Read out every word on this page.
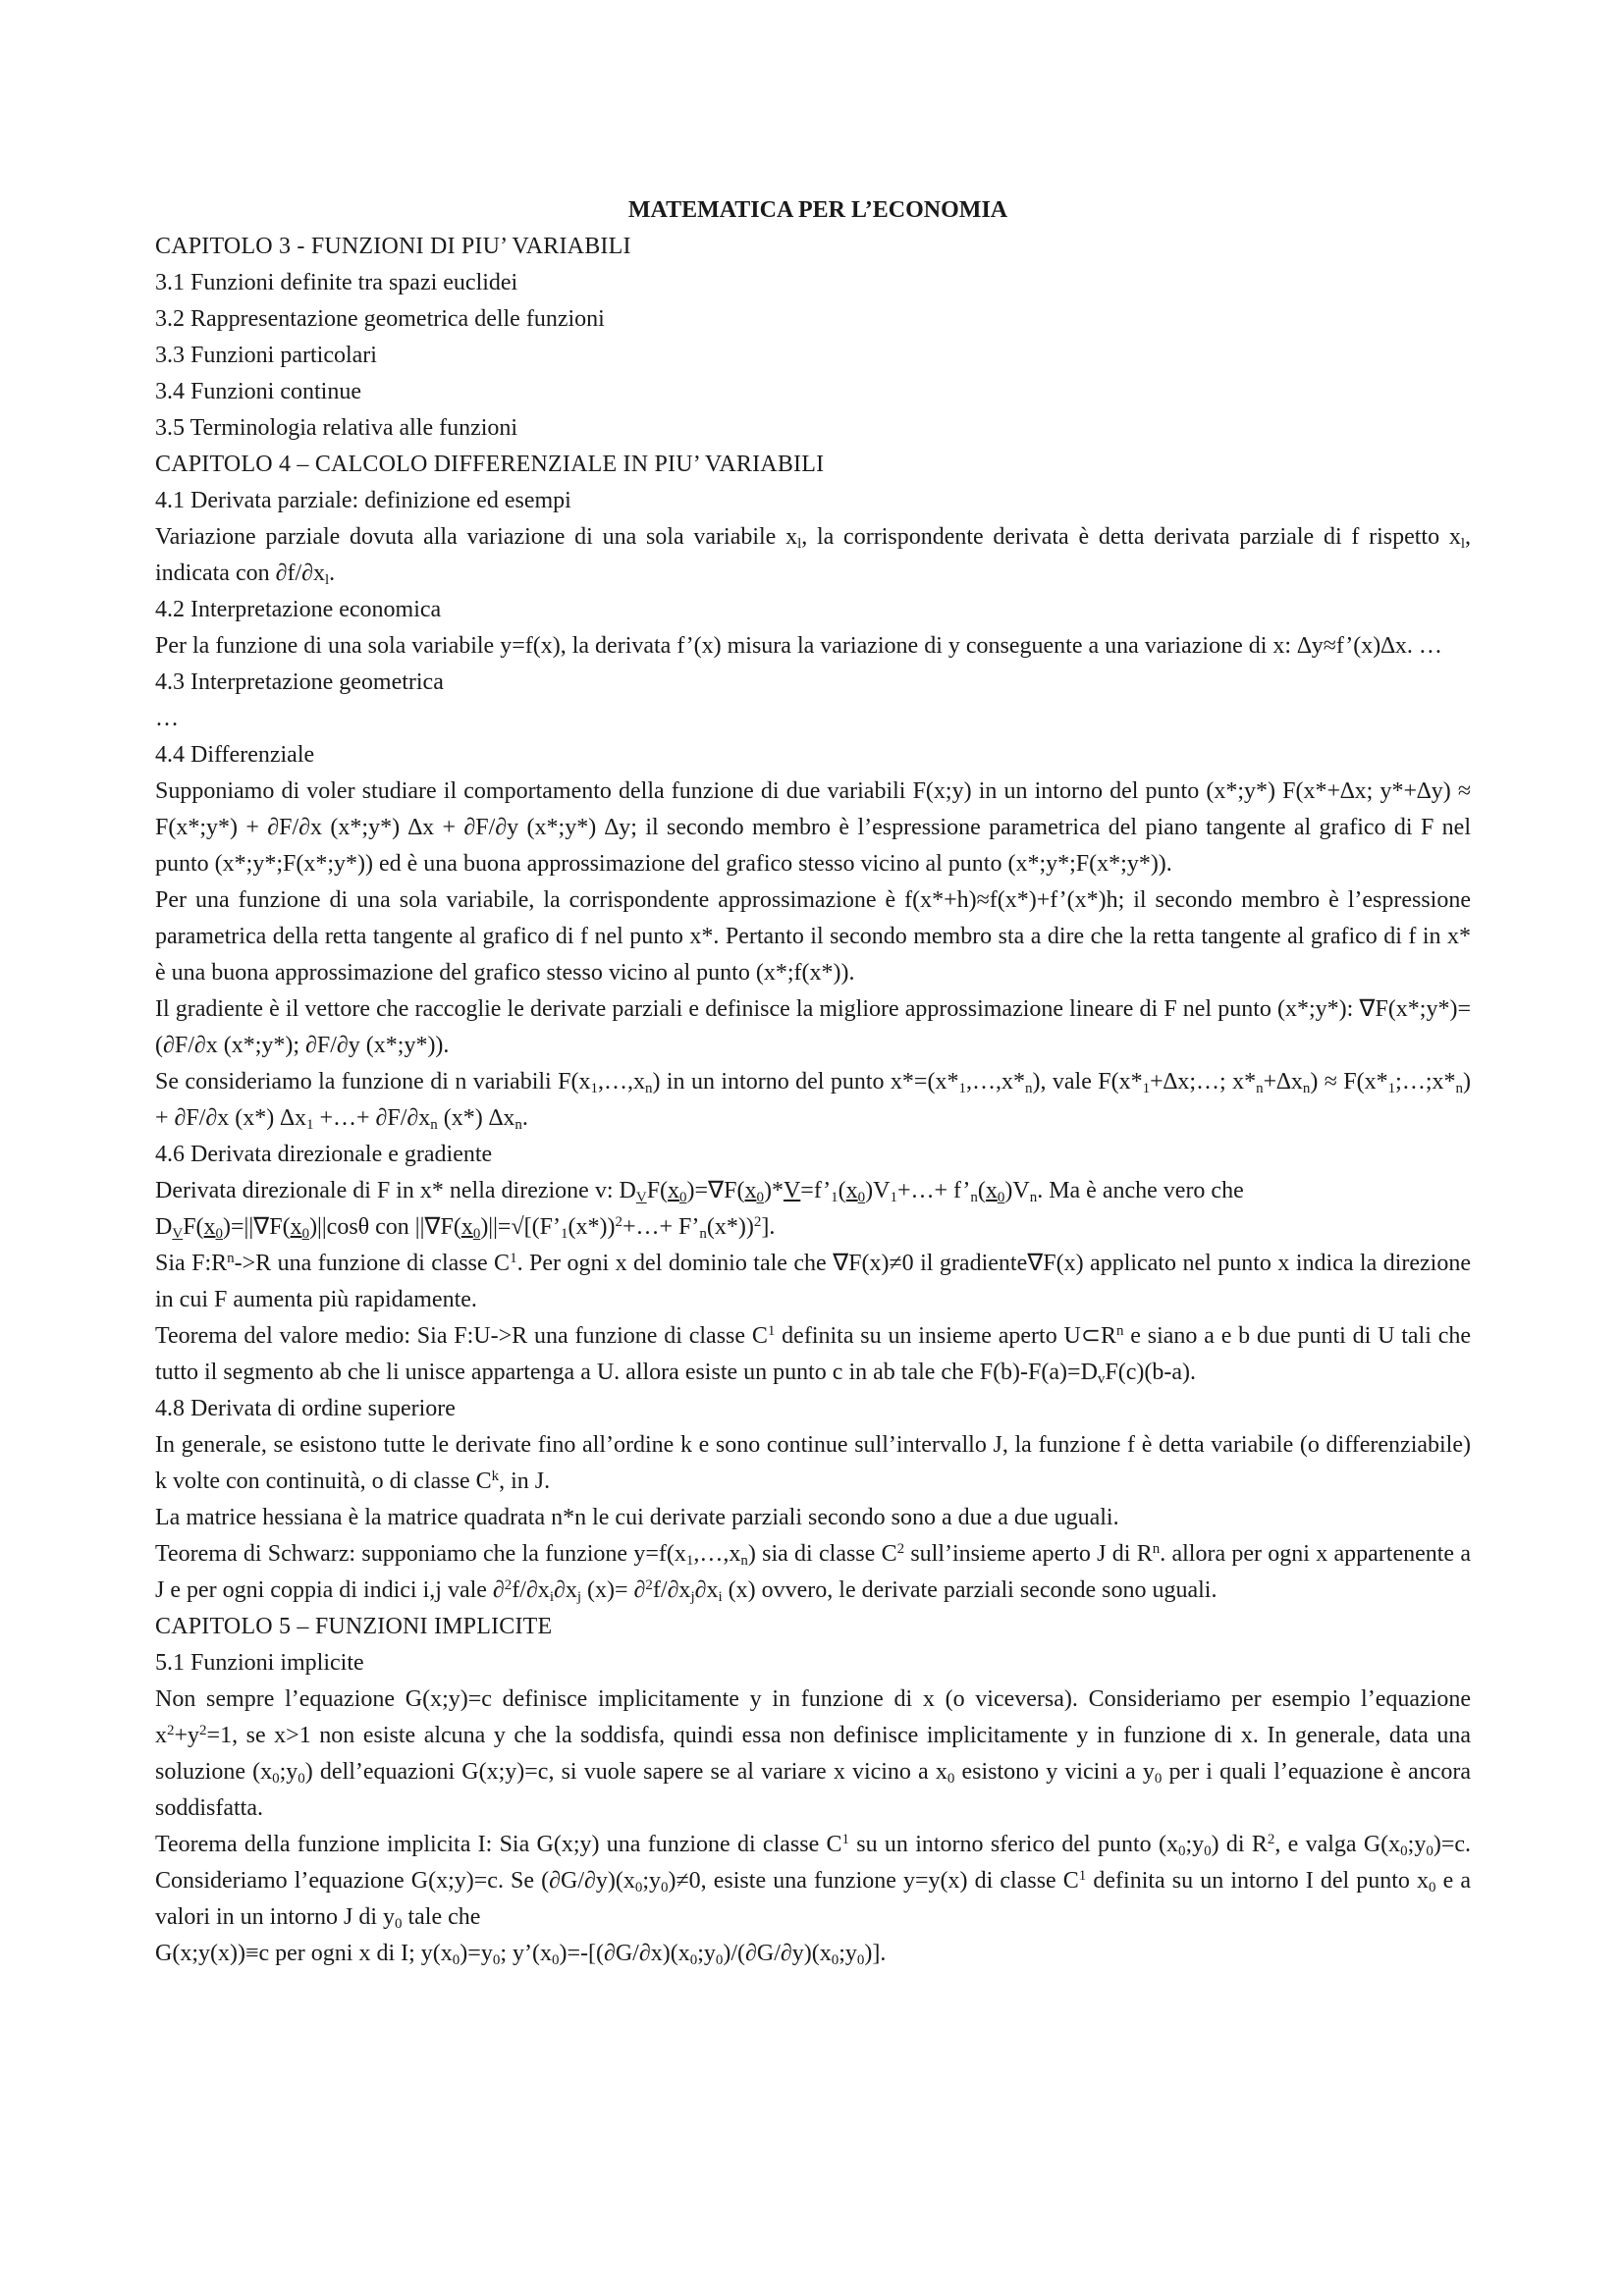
MATEMATICA PER L’ECONOMIA

CAPITOLO 3 - FUNZIONI DI PIU’ VARIABILI

3.1 Funzioni definite tra spazi euclidei

3.2 Rappresentazione geometrica delle funzioni

3.3 Funzioni particolari

3.4 Funzioni continue

3.5 Terminologia relativa alle funzioni

CAPITOLO 4 – CALCOLO DIFFERENZIALE IN PIU’ VARIABILI

4.1 Derivata parziale: definizione ed esempi

Variazione parziale dovuta alla variazione di una sola variabile $x_l$, la corrispondente derivata è detta derivata parziale di f rispetto $x_l$, indicata con $\partial f/\partial x_l$.

4.2 Interpretazione economica

Per la funzione di una sola variabile y=f(x), la derivata f’(x) misura la variazione di y conseguente a una variazione di x: ∆y≈f’(x)∆x. …

4.3 Interpretazione geometrica

…

4.4 Differenziale

Supponiamo di voler studiare il comportamento della funzione di due variabili F(x;y) in un intorno del punto (x*;y*) F(x*+∆x; y*+∆y) ≈ F(x*;y*) + ∂F/∂x (x*;y*) ∆x + ∂F/∂y (x*;y*) ∆y; il secondo membro è l’espressione parametrica del piano tangente al grafico di F nel punto (x*;y*;F(x*;y*)) ed è una buona approssimazione del grafico stesso vicino al punto (x*;y*;F(x*;y*)).

Per una funzione di una sola variabile, la corrispondente approssimazione è f(x*+h)≈f(x*)+f’(x*)h; il secondo membro è l’espressione parametrica della retta tangente al grafico di f nel punto x*. Pertanto il secondo membro sta a dire che la retta tangente al grafico di f in x* è una buona approssimazione del grafico stesso vicino al punto (x*;f(x*)).

Il gradiente è il vettore che raccoglie le derivate parziali e definisce la migliore approssimazione lineare di F nel punto (x*;y*): ∇F(x*;y*)=(∂F/∂x (x*;y*); ∂F/∂y (x*;y*)).

Se consideriamo la funzione di n variabili $F(x_1,\dots,x_n)$ in un intorno del punto $x*=(x*_1,\dots,x*_n)$, vale $F(x*_1+\Delta x;\dots$; $x*_n+\Delta x_n$) ≈ $F(x*_1;\dots;x*_n) + \partial F/\partial x$ (x*) $\Delta x_1$ +…+ $\partial F/\partial x_n$ (x*) $\Delta x_n$.

4.6 Derivata direzionale e gradiente

Derivata direzionale di F in x* nella direzione v: $D_VF(x_0)=\nabla F(x_0)*V=f’_1(x_0)V_1+\dots+$ $f’_n(x_0)V_n$. Ma è anche vero che

$D_VF(x_0)=||\nabla F(x_0)||\cos\theta$ con $||\nabla F(x_0)||=√[(F’_1(x*))^2+\dots+$ $F’_n(x*))^2$].

Sia $F:R^n->R$ una funzione di classe $C^1$. Per ogni x del dominio tale che ∇F(x)≠0 il gradiente∇F(x) applicato nel punto x indica la direzione in cui F aumenta più rapidamente.

Teorema del valore medio: Sia F:U->R una funzione di classe $C^1$ definita su un insieme aperto $U\subset R^n$ e siano a e b due punti di U tali che tutto il segmento ab che li unisce appartenga a U. allora esiste un punto c in ab tale che $F(b)-F(a)=D_vF(c)(b-a)$.

4.8 Derivata di ordine superiore

In generale, se esistono tutte le derivate fino all’ordine k e sono continue sull’intervallo J, la funzione f è detta variabile (o differenziabile) k volte con continuità, o di classe $C^k$, in J.

La matrice hessiana è la matrice quadrata n*n le cui derivate parziali secondo sono a due a due uguali.

Teorema di Schwarz: supponiamo che la funzione $y=f(x_1,\dots,x_n)$ sia di classe $C^2$ sull’insieme aperto J di $R^n$. allora per ogni x appartenente a J e per ogni coppia di indici i,j vale $\partial^2f/\partial x_i\partial x_j$ $(x)= \partial^2f/\partial x_j\partial x_i$ (x) ovvero, le derivate parziali seconde sono uguali.

CAPITOLO 5 – FUNZIONI IMPLICITE

5.1 Funzioni implicite

Non sempre l’equazione G(x;y)=c definisce implicitamente y in funzione di x (o viceversa). Consideriamo per esempio l’equazione $x^2+y^2=1$, se x>1 non esiste alcuna y che la soddisfa, quindi essa non definisce implicitamente y in funzione di x. In generale, data una soluzione $(x_0;y_0)$ dell’equazioni G(x;y)=c, si vuole sapere se al variare x vicino a $x_0$ esistono y vicini a $y_0$ per i quali l’equazione è ancora soddisfatta.

Teorema della funzione implicita I: Sia G(x;y) una funzione di classe $C^1$ su un intorno sferico del punto $(x_0;y_0)$ di $R^2$, e valga $G(x_0;y_0)=c$. Consideriamo l’equazione G(x;y)=c. Se $(\partial G/\partial y)(x_0;y_0)\ne 0$, esiste una funzione y=y(x) di classe $C^1$ definita su un intorno I del punto $x_0$ e a valori in un intorno J di $y_0$ tale che

G(x;y(x))≡c per ogni x di I; $y(x_0)=y_0$; $y’(x_0)=-[(\partial G/\partial x)(x_0;y_0)/(\partial G/\partial y)(x_0;y_0)]$.
